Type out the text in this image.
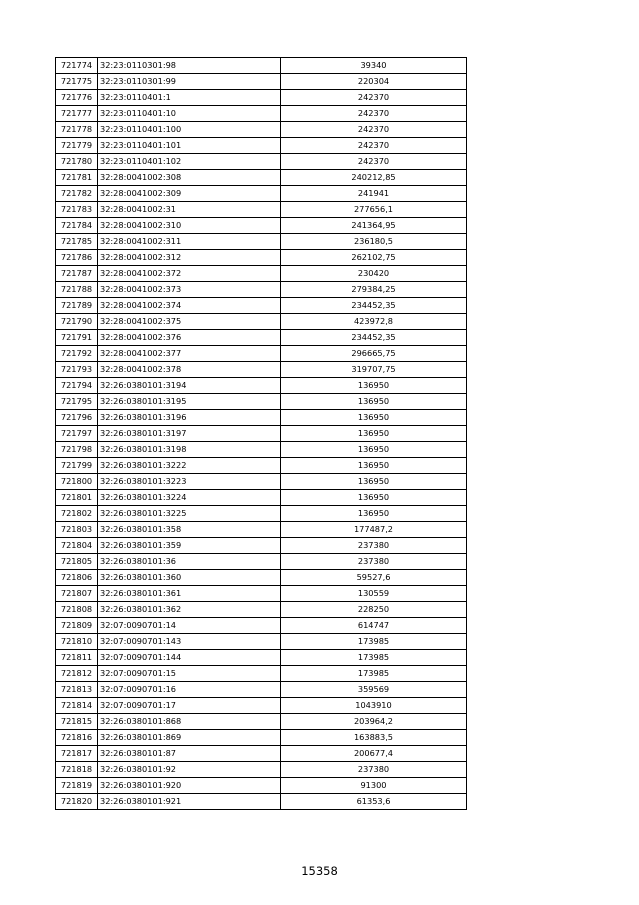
721774	32:23:0110301:98	39340
721775	32:23:0110301:99	220304
721776	32:23:0110401:1	242370
721777	32:23:0110401:10	242370
721778	32:23:0110401:100	242370
721779	32:23:0110401:101	242370
721780	32:23:0110401:102	242370
721781	32:28:0041002:308	240212,85
721782	32:28:0041002:309	241941
721783	32:28:0041002:31	277656,1
721784	32:28:0041002:310	241364,95
721785	32:28:0041002:311	236180,5
721786	32:28:0041002:312	262102,75
721787	32:28:0041002:372	230420
721788	32:28:0041002:373	279384,25
721789	32:28:0041002:374	234452,35
721790	32:28:0041002:375	423972,8
721791	32:28:0041002:376	234452,35
721792	32:28:0041002:377	296665,75
721793	32:28:0041002:378	319707,75
721794	32:26:0380101:3194	136950
721795	32:26:0380101:3195	136950
721796	32:26:0380101:3196	136950
721797	32:26:0380101:3197	136950
721798	32:26:0380101:3198	136950
721799	32:26:0380101:3222	136950
721800	32:26:0380101:3223	136950
721801	32:26:0380101:3224	136950
721802	32:26:0380101:3225	136950
721803	32:26:0380101:358	177487,2
721804	32:26:0380101:359	237380
721805	32:26:0380101:36	237380
721806	32:26:0380101:360	59527,6
721807	32:26:0380101:361	130559
721808	32:26:0380101:362	228250
721809	32:07:0090701:14	614747
721810	32:07:0090701:143	173985
721811	32:07:0090701:144	173985
721812	32:07:0090701:15	173985
721813	32:07:0090701:16	359569
721814	32:07:0090701:17	1043910
721815	32:26:0380101:868	203964,2
721816	32:26:0380101:869	163883,5
721817	32:26:0380101:87	200677,4
721818	32:26:0380101:92	237380
721819	32:26:0380101:920	91300
721820	32:26:0380101:921	61353,6
15358
